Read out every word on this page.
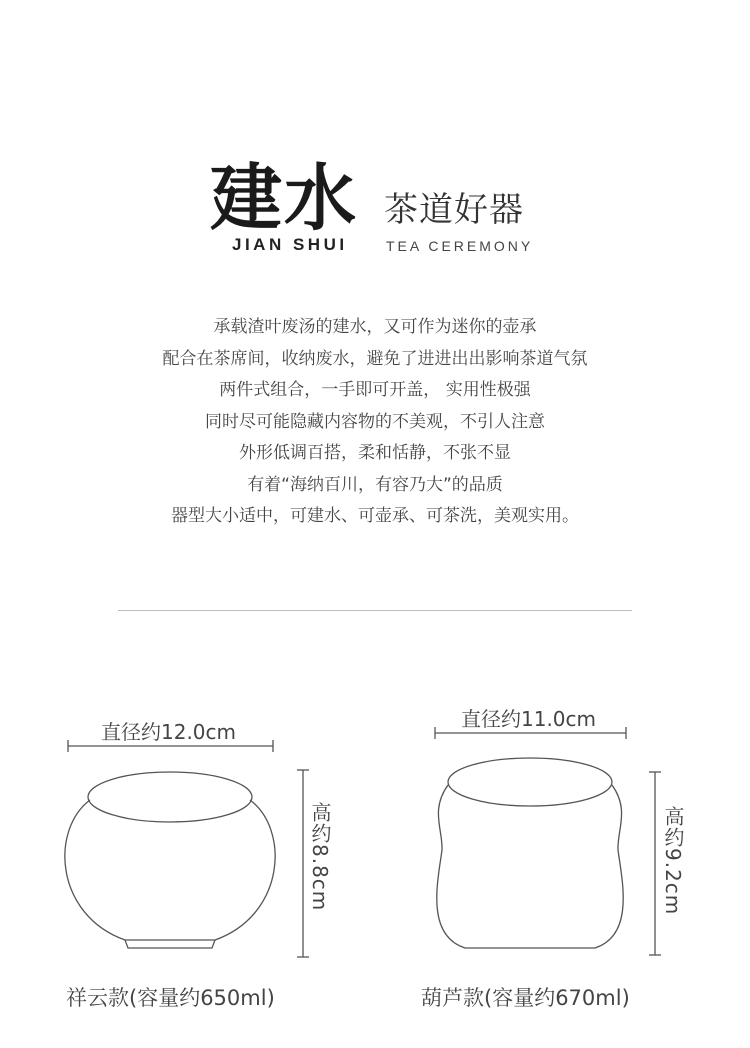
建水 茶道好器
JIAN SHUI	TEA CEREMONY
承载渣叶废汤的建水，又可作为迷你的壶承
配合在茶席间，收纳废水，避免了进进出出影响茶道气氛
两件式组合，一手即可开盖， 实用性极强
同时尽可能隐藏内容物的不美观，不引人注意
外形低调百搭，柔和恬静，不张不显
有着“海纳百川，有容乃大”的品质
器型大小适中，可建水、可壶承、可茶洗，美观实用。
直径约12.0cm
高约8.8cm
祥云款(容量约650ml)
直径约11.0cm
高约9.2cm
葫芦款(容量约670ml)
